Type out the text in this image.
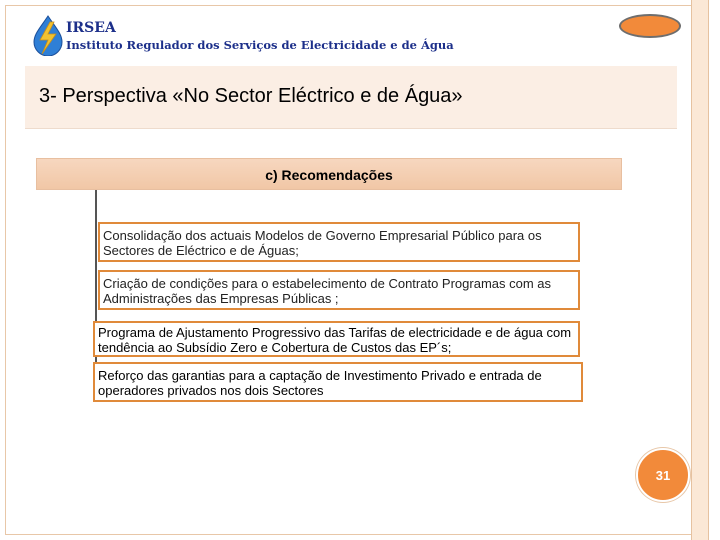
IRSEA
Instituto Regulador dos Serviços de Electricidade e de Água
3- Perspectiva «No Sector Eléctrico e de Água»
c) Recomendações
Consolidação dos actuais Modelos de Governo Empresarial Público para os Sectores de Eléctrico e de Águas;
Criação de condições para o estabelecimento de Contrato Programas com as Administrações das Empresas Públicas ;
Programa de Ajustamento Progressivo das Tarifas de electricidade e de água com tendência ao Subsídio Zero e Cobertura de Custos das EP´s;
Reforço das garantias para a captação de Investimento Privado e entrada de operadores privados nos dois Sectores
31
